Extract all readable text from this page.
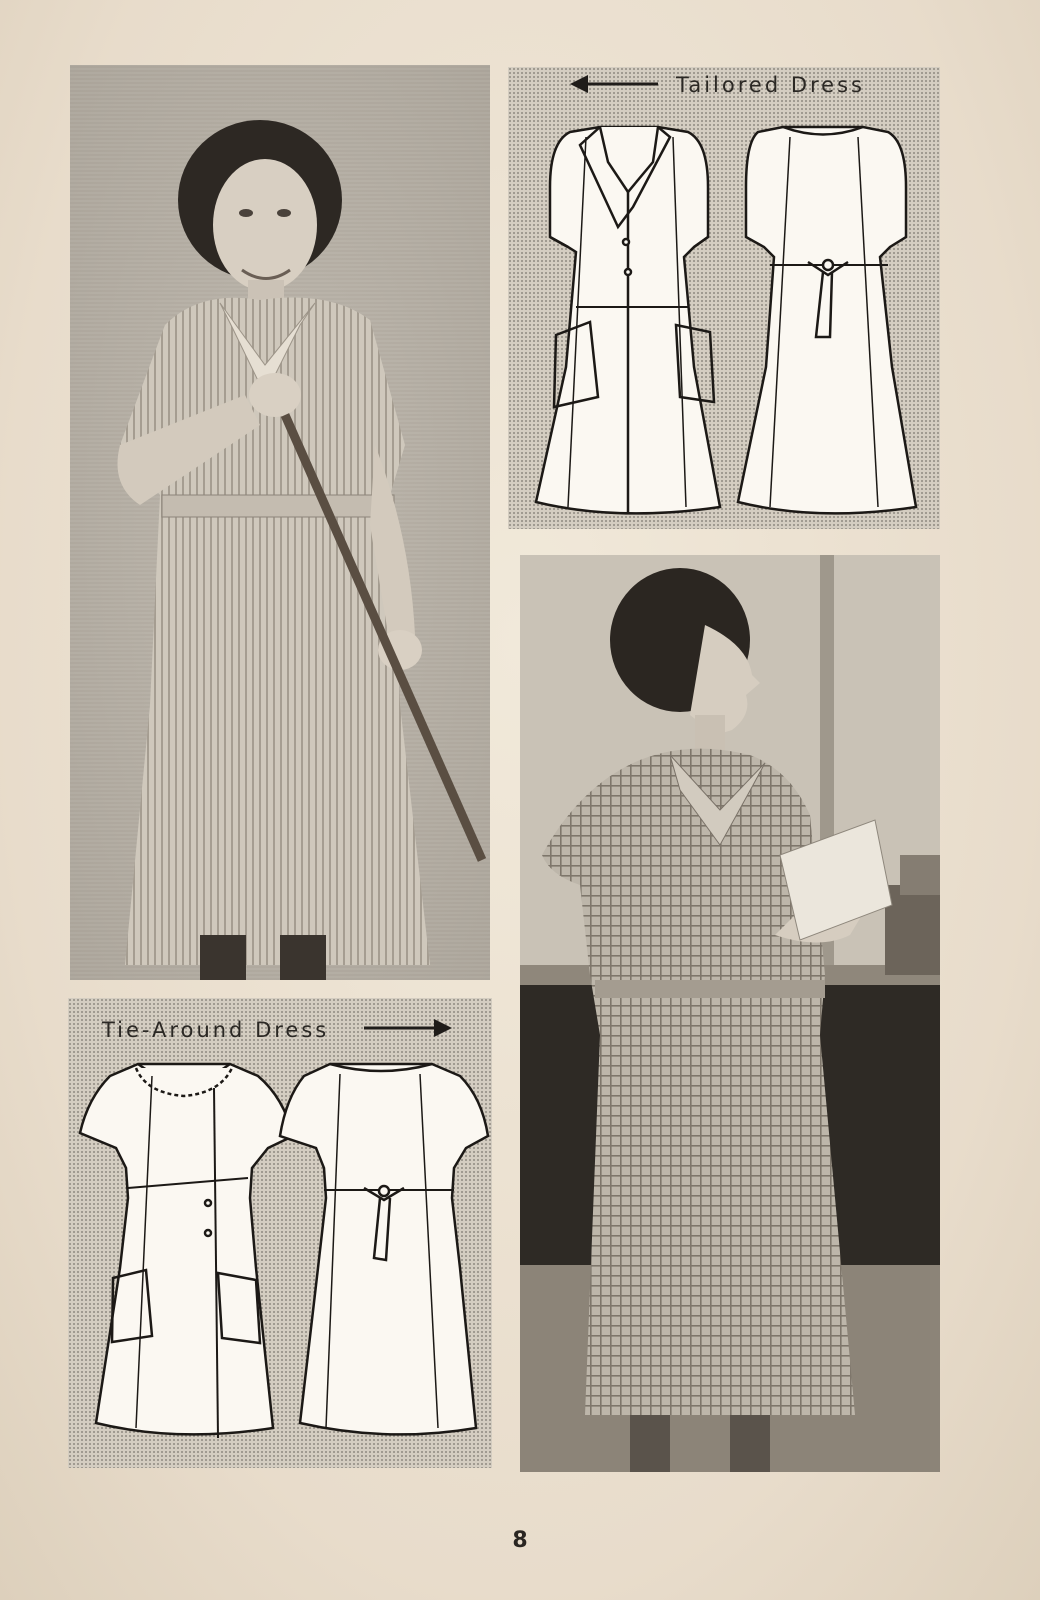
Tailored Dress
Tie-Around Dress
8
